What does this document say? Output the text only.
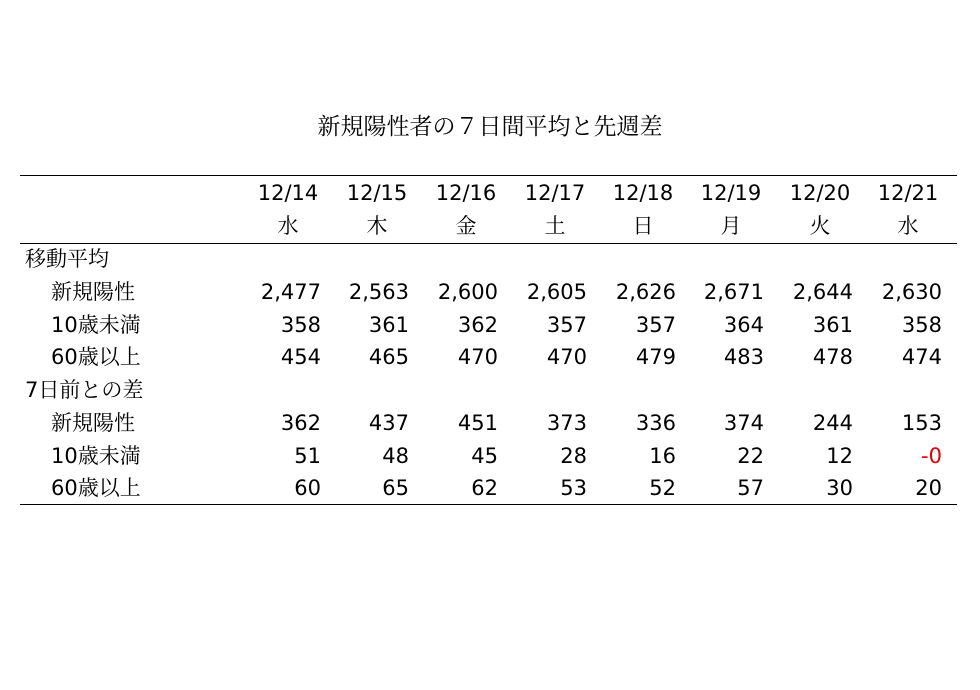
新規陽性者の７日間平均と先週差
12/14	12/15	12/16	12/17	12/18	12/19	12/20	12/21
水	木	金	土	日	月	火	水
移動平均
新規陽性	2,477	2,563	2,600	2,605	2,626	2,671	2,644	2,630
10歳未満	358	361	362	357	357	364	361	358
60歳以上	454	465	470	470	479	483	478	474
7日前との差
新規陽性	362	437	451	373	336	374	244	153
10歳未満	51	48	45	28	16	22	12	-0
60歳以上	60	65	62	53	52	57	30	20
